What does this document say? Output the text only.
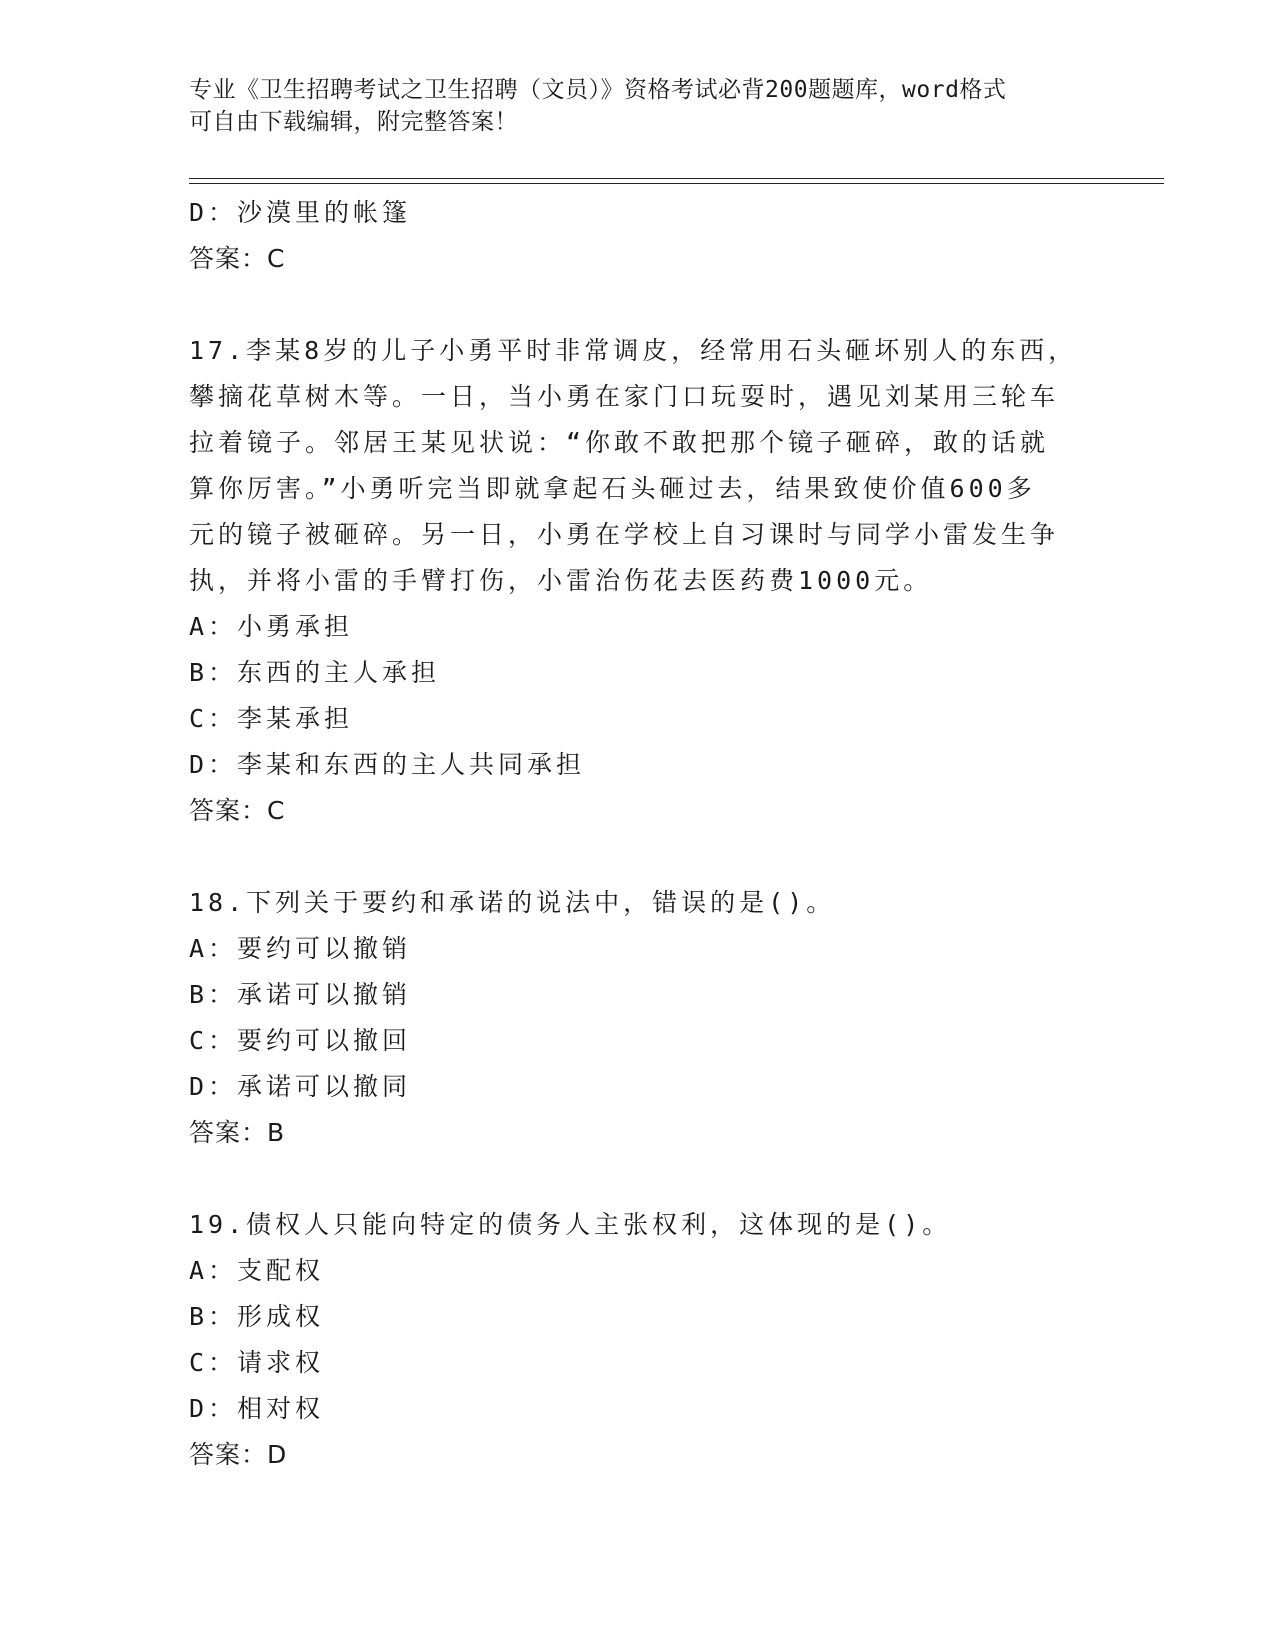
专业《卫生招聘考试之卫生招聘（文员）》资格考试必背200题题库，word格式
可自由下载编辑，附完整答案！
D：沙漠里的帐篷
答案：C
17.李某8岁的儿子小勇平时非常调皮，经常用石头砸坏别人的东西，
攀摘花草树木等。一日，当小勇在家门口玩耍时，遇见刘某用三轮车
拉着镜子。邻居王某见状说：“你敢不敢把那个镜子砸碎，敢的话就
算你厉害。”小勇听完当即就拿起石头砸过去，结果致使价值600多
元的镜子被砸碎。另一日，小勇在学校上自习课时与同学小雷发生争
执，并将小雷的手臂打伤，小雷治伤花去医药费1000元。
A：小勇承担
B：东西的主人承担
C：李某承担
D：李某和东西的主人共同承担
答案：C
18.下列关于要约和承诺的说法中，错误的是()。
A：要约可以撤销
B：承诺可以撤销
C：要约可以撤回
D：承诺可以撤同
答案：B
19.债权人只能向特定的债务人主张权利，这体现的是()。
A：支配权
B：形成权
C：请求权
D：相对权
答案：D
